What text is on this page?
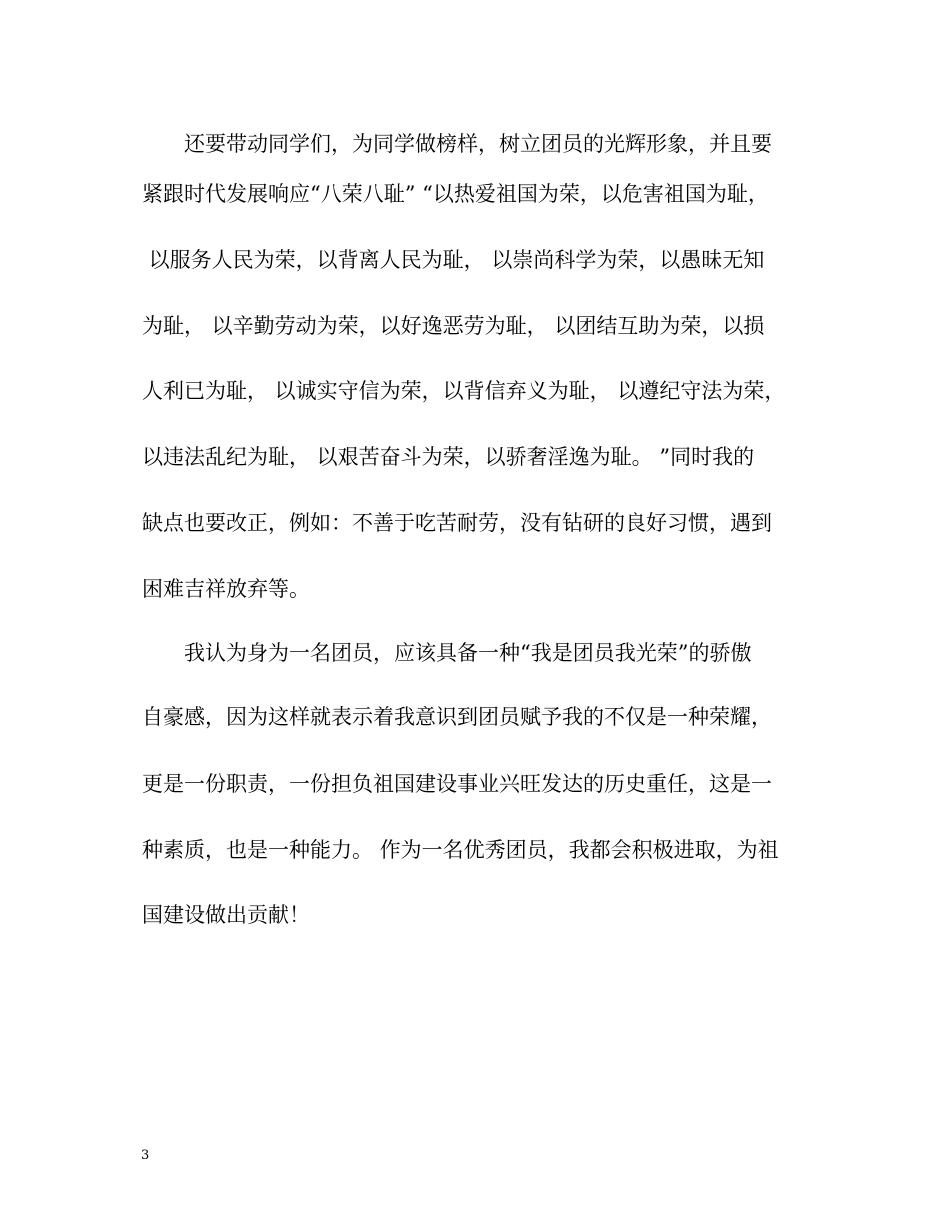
还要带动同学们，为同学做榜样，树立团员的光辉形象，并且要
紧跟时代发展响应“八荣八耻” “以热爱祖国为荣，以危害祖国为耻，
以服务人民为荣，以背离人民为耻， 以崇尚科学为荣，以愚昧无知
为耻， 以辛勤劳动为荣，以好逸恶劳为耻， 以团结互助为荣，以损
人利已为耻， 以诚实守信为荣，以背信弃义为耻， 以遵纪守法为荣，
以违法乱纪为耻， 以艰苦奋斗为荣，以骄奢淫逸为耻。 ”同时我的
缺点也要改正，例如：不善于吃苦耐劳，没有钻研的良好习惯，遇到
困难吉祥放弃等。
我认为身为一名团员，应该具备一种“我是团员我光荣”的骄傲
自豪感，因为这样就表示着我意识到团员赋予我的不仅是一种荣耀，
更是一份职责，一份担负祖国建设事业兴旺发达的历史重任，这是一
种素质，也是一种能力。 作为一名优秀团员，我都会积极进取，为祖
国建设做出贡献！
3
